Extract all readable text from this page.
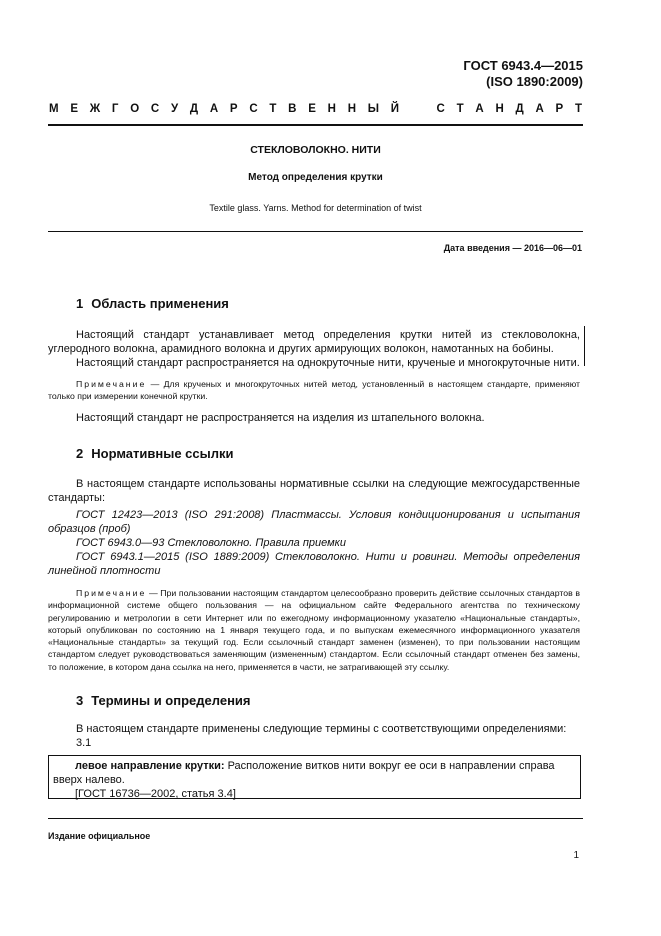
ГОСТ 6943.4—2015
(ISO 1890:2009)
М Е Ж Г О С У Д А Р С Т В Е Н Н Ы Й	С Т А Н Д А Р Т
СТЕКЛОВОЛОКНО. НИТИ
Метод определения крутки
Textile glass. Yarns. Method for determination of twist
Дата введения — 2016—06—01
1 Область применения

Настоящий стандарт устанавливает метод определения крутки нитей из стекловолокна, углеродного волокна, арамидного волокна и других армирующих волокон, намотанных на бобины.

Настоящий стандарт распространяется на однокруточные нити, крученые и многокруточные нити.

Примечание — Для крученых и многокруточных нитей метод, установленный в настоящем стандарте, применяют только при измерении конечной крутки.

Настоящий стандарт не распространяется на изделия из штапельного волокна.

2 Нормативные ссылки

В настоящем стандарте использованы нормативные ссылки на следующие межгосударственные стандарты:

ГОСТ 12423—2013 (ISO 291:2008) Пластмассы. Условия кондиционирования и испытания образцов (проб)

ГОСТ 6943.0—93 Стекловолокно. Правила приемки

ГОСТ 6943.1—2015 (ISO 1889:2009) Стекловолокно. Нити и ровинги. Методы определения линейной плотности

Примечание — При пользовании настоящим стандартом целесообразно проверить действие ссылочных стандартов в информационной системе общего пользования — на официальном сайте Федерального агентства по техническому регулированию и метрологии в сети Интернет или по ежегодному информационному указателю «Национальные стандарты», который опубликован по состоянию на 1 января текущего года, и по выпускам ежемесячного информационного указателя «Национальные стандарты» за текущий год. Если ссылочный стандарт заменен (изменен), то при пользовании настоящим стандартом следует руководствоваться заменяющим (измененным) стандартом. Если ссылочный стандарт отменен без замены, то положение, в котором дана ссылка на него, применяется в части, не затрагивающей эту ссылку.

3 Термины и определения

В настоящем стандарте применены следующие термины с соответствующими определениями:

3.1

левое направление крутки: Расположение витков нити вокруг ее оси в направлении справа вверх налево.

[ГОСТ 16736—2002, статья 3.4]

Издание официальное
1
